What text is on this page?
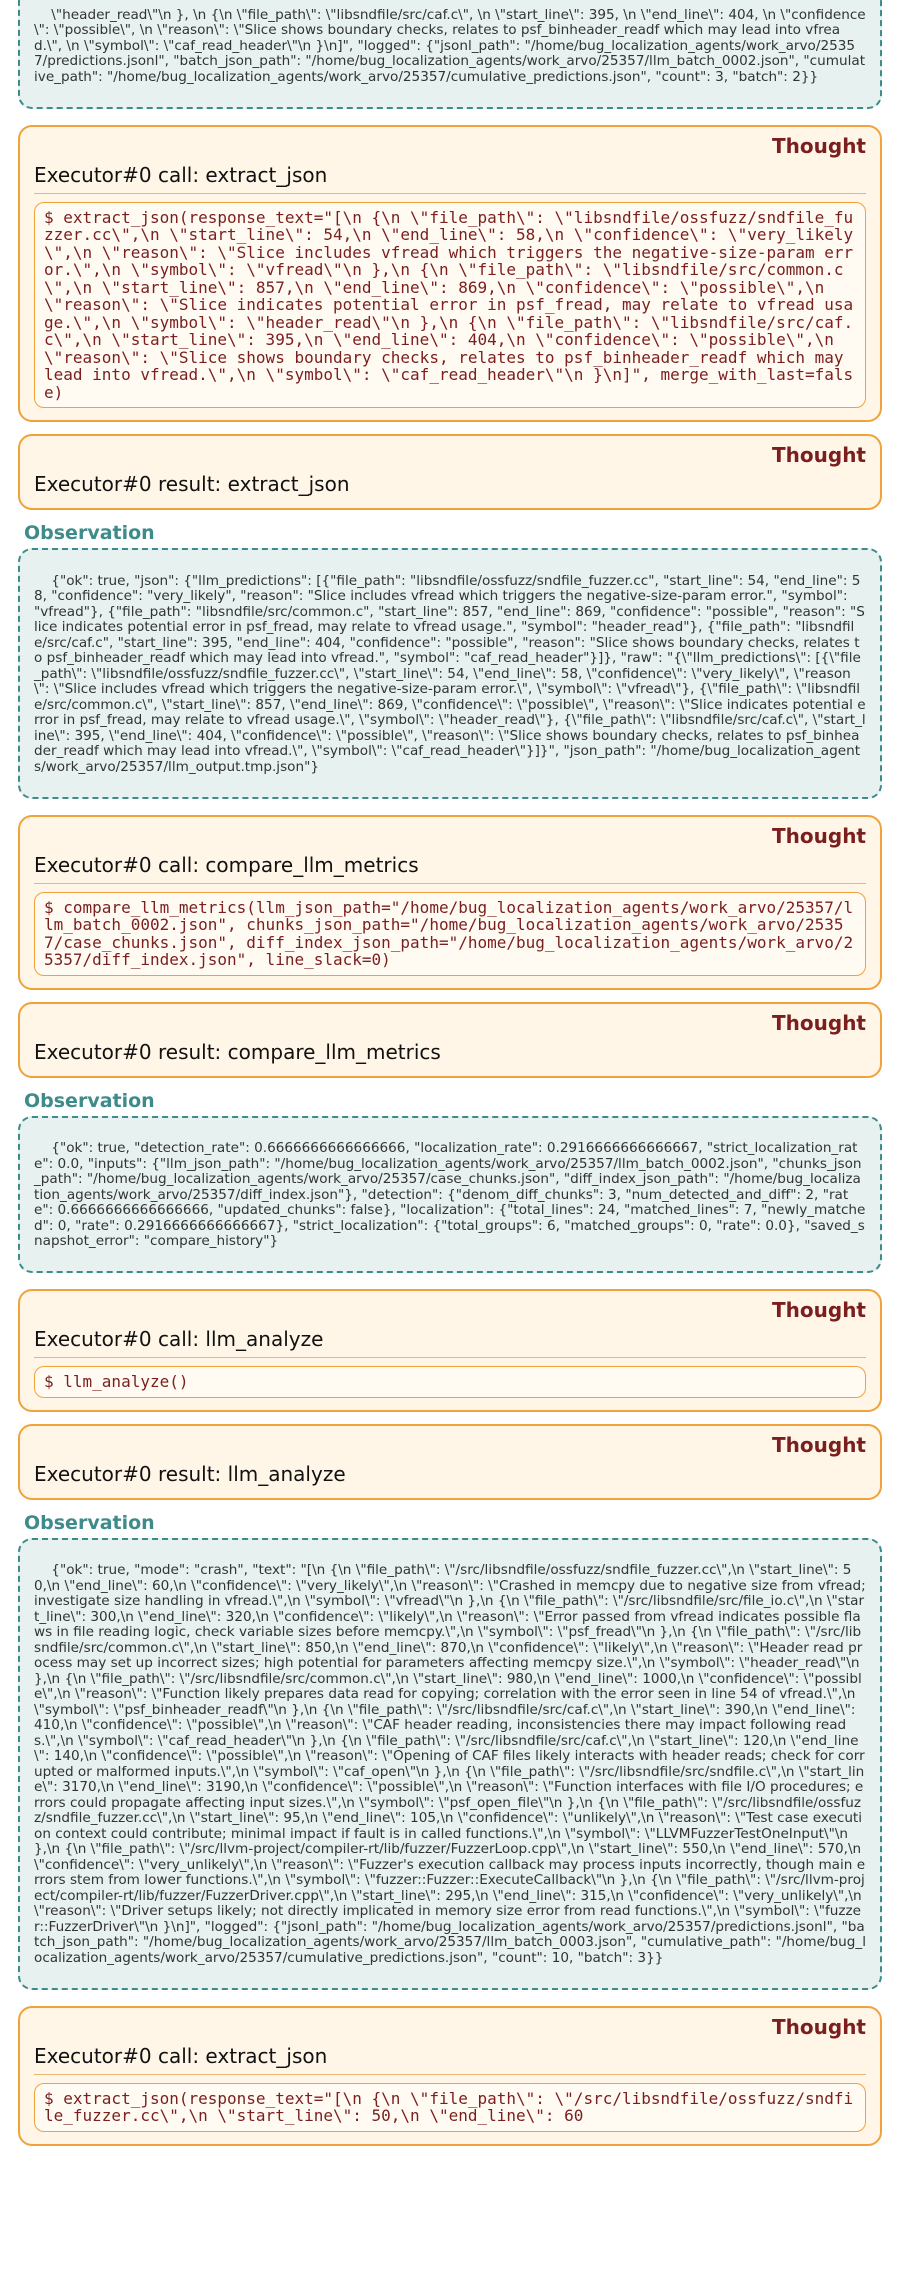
\"header_read\"\n }, \n {\n \"file_path\": \"libsndfile/src/caf.c\", \n \"start_line\": 395, \n \"end_line\": 404, \n \"confidence\": \"possible\", \n \"reason\": \"Slice shows boundary checks, relates to psf_binheader_readf which may lead into vfread.\", \n \"symbol\": \"caf_read_header\"\n }\n]", "logged": {"jsonl_path": "/home/bug_localization_agents/work_arvo/25357/predictions.jsonl", "batch_json_path": "/home/bug_localization_agents/work_arvo/25357/llm_batch_0002.json", "cumulative_path": "/home/bug_localization_agents/work_arvo/25357/cumulative_predictions.json", "count": 3, "batch": 2}}

Thought
Executor#0 call: extract_json
$ extract_json(response_text="[\n {\n \"file_path\": \"libsndfile/ossfuzz/sndfile_fuzzer.cc\",\n \"start_line\": 54,\n \"end_line\": 58,\n \"confidence\": \"very_likely\",\n \"reason\": \"Slice includes vfread which triggers the negative-size-param error.\",\n \"symbol\": \"vfread\"\n },\n {\n \"file_path\": \"libsndfile/src/common.c\",\n \"start_line\": 857,\n \"end_line\": 869,\n \"confidence\": \"possible\",\n \"reason\": \"Slice indicates potential error in psf_fread, may relate to vfread usage.\",\n \"symbol\": \"header_read\"\n },\n {\n \"file_path\": \"libsndfile/src/caf.c\",\n \"start_line\": 395,\n \"end_line\": 404,\n \"confidence\": \"possible\",\n \"reason\": \"Slice shows boundary checks, relates to psf_binheader_readf which may lead into vfread.\",\n \"symbol\": \"caf_read_header\"\n }\n]", merge_with_last=false)
Thought
Executor#0 result: extract_json
Observation

{"ok": true, "json": {"llm_predictions": [{"file_path": "libsndfile/ossfuzz/sndfile_fuzzer.cc", "start_line": 54, "end_line": 58, "confidence": "very_likely", "reason": "Slice includes vfread which triggers the negative-size-param error.", "symbol": "vfread"}, {"file_path": "libsndfile/src/common.c", "start_line": 857, "end_line": 869, "confidence": "possible", "reason": "Slice indicates potential error in psf_fread, may relate to vfread usage.", "symbol": "header_read"}, {"file_path": "libsndfile/src/caf.c", "start_line": 395, "end_line": 404, "confidence": "possible", "reason": "Slice shows boundary checks, relates to psf_binheader_readf which may lead into vfread.", "symbol": "caf_read_header"}]}, "raw": "{\"llm_predictions\": [{\"file_path\": \"libsndfile/ossfuzz/sndfile_fuzzer.cc\", \"start_line\": 54, \"end_line\": 58, \"confidence\": \"very_likely\", \"reason\": \"Slice includes vfread which triggers the negative-size-param error.\", \"symbol\": \"vfread\"}, {\"file_path\": \"libsndfile/src/common.c\", \"start_line\": 857, \"end_line\": 869, \"confidence\": \"possible\", \"reason\": \"Slice indicates potential error in psf_fread, may relate to vfread usage.\", \"symbol\": \"header_read\"}, {\"file_path\": \"libsndfile/src/caf.c\", \"start_line\": 395, \"end_line\": 404, \"confidence\": \"possible\", \"reason\": \"Slice shows boundary checks, relates to psf_binheader_readf which may lead into vfread.\", \"symbol\": \"caf_read_header\"}]}", "json_path": "/home/bug_localization_agents/work_arvo/25357/llm_output.tmp.json"}

Thought
Executor#0 call: compare_llm_metrics
$ compare_llm_metrics(llm_json_path="/home/bug_localization_agents/work_arvo/25357/llm_batch_0002.json", chunks_json_path="/home/bug_localization_agents/work_arvo/25357/case_chunks.json", diff_index_json_path="/home/bug_localization_agents/work_arvo/25357/diff_index.json", line_slack=0)
Thought
Executor#0 result: compare_llm_metrics
Observation

{"ok": true, "detection_rate": 0.6666666666666666, "localization_rate": 0.2916666666666667, "strict_localization_rate": 0.0, "inputs": {"llm_json_path": "/home/bug_localization_agents/work_arvo/25357/llm_batch_0002.json", "chunks_json_path": "/home/bug_localization_agents/work_arvo/25357/case_chunks.json", "diff_index_json_path": "/home/bug_localization_agents/work_arvo/25357/diff_index.json"}, "detection": {"denom_diff_chunks": 3, "num_detected_and_diff": 2, "rate": 0.6666666666666666, "updated_chunks": false}, "localization": {"total_lines": 24, "matched_lines": 7, "newly_matched": 0, "rate": 0.2916666666666667}, "strict_localization": {"total_groups": 6, "matched_groups": 0, "rate": 0.0}, "saved_snapshot_error": "compare_history"}

Thought
Executor#0 call: llm_analyze
$ llm_analyze()
Thought
Executor#0 result: llm_analyze
Observation

{"ok": true, "mode": "crash", "text": "[\n {\n \"file_path\": \"/src/libsndfile/ossfuzz/sndfile_fuzzer.cc\",\n \"start_line\": 50,\n \"end_line\": 60,\n \"confidence\": \"very_likely\",\n \"reason\": \"Crashed in memcpy due to negative size from vfread; investigate size handling in vfread.\",\n \"symbol\": \"vfread\"\n },\n {\n \"file_path\": \"/src/libsndfile/src/file_io.c\",\n \"start_line\": 300,\n \"end_line\": 320,\n \"confidence\": \"likely\",\n \"reason\": \"Error passed from vfread indicates possible flaws in file reading logic, check variable sizes before memcpy.\",\n \"symbol\": \"psf_fread\"\n },\n {\n \"file_path\": \"/src/libsndfile/src/common.c\",\n \"start_line\": 850,\n \"end_line\": 870,\n \"confidence\": \"likely\",\n \"reason\": \"Header read process may set up incorrect sizes; high potential for parameters affecting memcpy size.\",\n \"symbol\": \"header_read\"\n },\n {\n \"file_path\": \"/src/libsndfile/src/common.c\",\n \"start_line\": 980,\n \"end_line\": 1000,\n \"confidence\": \"possible\",\n \"reason\": \"Function likely prepares data read for copying; correlation with the error seen in line 54 of vfread.\",\n \"symbol\": \"psf_binheader_readf\"\n },\n {\n \"file_path\": \"/src/libsndfile/src/caf.c\",\n \"start_line\": 390,\n \"end_line\": 410,\n \"confidence\": \"possible\",\n \"reason\": \"CAF header reading, inconsistencies there may impact following reads.\",\n \"symbol\": \"caf_read_header\"\n },\n {\n \"file_path\": \"/src/libsndfile/src/caf.c\",\n \"start_line\": 120,\n \"end_line\": 140,\n \"confidence\": \"possible\",\n \"reason\": \"Opening of CAF files likely interacts with header reads; check for corrupted or malformed inputs.\",\n \"symbol\": \"caf_open\"\n },\n {\n \"file_path\": \"/src/libsndfile/src/sndfile.c\",\n \"start_line\": 3170,\n \"end_line\": 3190,\n \"confidence\": \"possible\",\n \"reason\": \"Function interfaces with file I/O procedures; errors could propagate affecting input sizes.\",\n \"symbol\": \"psf_open_file\"\n },\n {\n \"file_path\": \"/src/libsndfile/ossfuzz/sndfile_fuzzer.cc\",\n \"start_line\": 95,\n \"end_line\": 105,\n \"confidence\": \"unlikely\",\n \"reason\": \"Test case execution context could contribute; minimal impact if fault is in called functions.\",\n \"symbol\": \"LLVMFuzzerTestOneInput\"\n },\n {\n \"file_path\": \"/src/llvm-project/compiler-rt/lib/fuzzer/FuzzerLoop.cpp\",\n \"start_line\": 550,\n \"end_line\": 570,\n \"confidence\": \"very_unlikely\",\n \"reason\": \"Fuzzer's execution callback may process inputs incorrectly, though main errors stem from lower functions.\",\n \"symbol\": \"fuzzer::Fuzzer::ExecuteCallback\"\n },\n {\n \"file_path\": \"/src/llvm-project/compiler-rt/lib/fuzzer/FuzzerDriver.cpp\",\n \"start_line\": 295,\n \"end_line\": 315,\n \"confidence\": \"very_unlikely\",\n \"reason\": \"Driver setups likely; not directly implicated in memory size error from read functions.\",\n \"symbol\": \"fuzzer::FuzzerDriver\"\n }\n]", "logged": {"jsonl_path": "/home/bug_localization_agents/work_arvo/25357/predictions.jsonl", "batch_json_path": "/home/bug_localization_agents/work_arvo/25357/llm_batch_0003.json", "cumulative_path": "/home/bug_localization_agents/work_arvo/25357/cumulative_predictions.json", "count": 10, "batch": 3}}

Thought
Executor#0 call: extract_json
$ extract_json(response_text="[\n {\n \"file_path\": \"/src/libsndfile/ossfuzz/sndfile_fuzzer.cc\",\n \"start_line\": 50,\n \"end_line\": 60
